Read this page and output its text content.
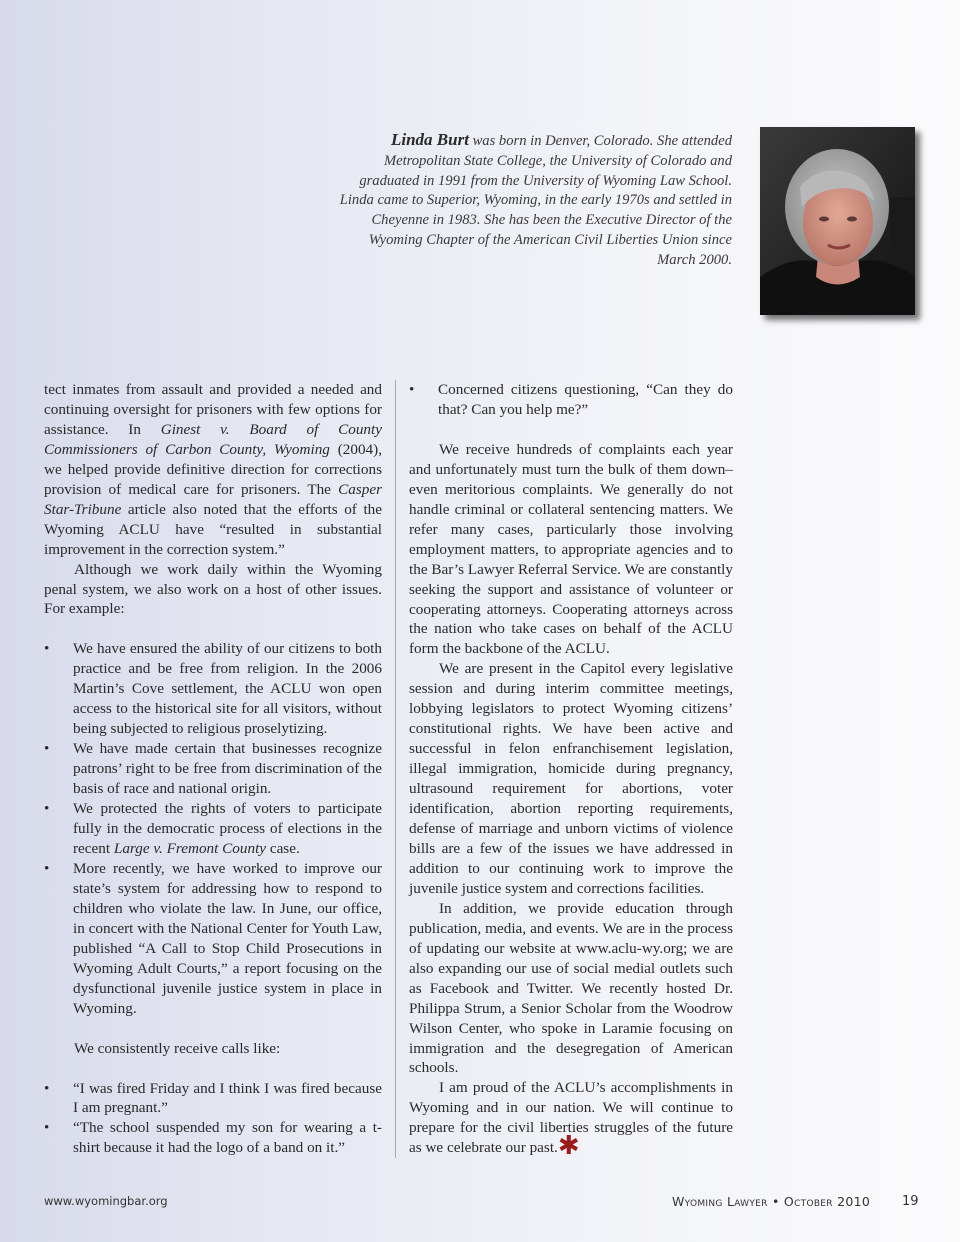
Linda Burt was born in Denver, Colorado. She attended Metropolitan State College, the University of Colorado and graduated in 1991 from the University of Wyoming Law School. Linda came to Superior, Wyoming, in the early 1970s and settled in Cheyenne in 1983. She has been the Executive Director of the Wyoming Chapter of the American Civil Liberties Union since March 2000.

tect inmates from assault and provided a needed and continuing oversight for prisoners with few options for assistance. In Ginest v. Board of County Commissioners of Carbon County, Wyoming (2004), we helped provide definitive direction for corrections provision of medical care for prisoners. The Casper Star-Tribune article also noted that the efforts of the Wyoming ACLU have “resulted in substantial improvement in the correction system.”

Although we work daily within the Wyoming penal system, we also work on a host of other issues. For example:

• We have ensured the ability of our citizens to both practice and be free from religion. In the 2006 Martin’s Cove settlement, the ACLU won open access to the historical site for all visitors, without being subjected to religious proselytizing.
• We have made certain that businesses recognize patrons’ right to be free from discrimination of the basis of race and national origin.
• We protected the rights of voters to participate fully in the democratic process of elections in the recent Large v. Fremont County case.
• More recently, we have worked to improve our state’s system for addressing how to respond to children who violate the law. In June, our office, in concert with the National Center for Youth Law, published “A Call to Stop Child Prosecutions in Wyoming Adult Courts,” a report focusing on the dysfunctional juvenile justice system in place in Wyoming.

We consistently receive calls like:

• “I was fired Friday and I think I was fired because I am pregnant.”
• “The school suspended my son for wearing a t-shirt because it had the logo of a band on it.”
• Concerned citizens questioning, “Can they do that? Can you help me?”

We receive hundreds of complaints each year and unfortunately must turn the bulk of them down–even meritorious complaints. We generally do not handle criminal or collateral sentencing matters. We refer many cases, particularly those involving employment matters, to appropriate agencies and to the Bar’s Lawyer Referral Service. We are constantly seeking the support and assistance of volunteer or cooperating attorneys. Cooperating attorneys across the nation who take cases on behalf of the ACLU form the backbone of the ACLU.

We are present in the Capitol every legislative session and during interim committee meetings, lobbying legislators to protect Wyoming citizens’ constitutional rights. We have been active and successful in felon enfranchisement legislation, illegal immigration, homicide during pregnancy, ultrasound requirement for abortions, voter identification, abortion reporting requirements, defense of marriage and unborn victims of violence bills are a few of the issues we have addressed in addition to our continuing work to improve the juvenile justice system and corrections facilities.

In addition, we provide education through publication, media, and events. We are in the process of updating our website at www.aclu-wy.org; we are also expanding our use of social medial outlets such as Facebook and Twitter. We recently hosted Dr. Philippa Strum, a Senior Scholar from the Woodrow Wilson Center, who spoke in Laramie focusing on immigration and the desegregation of American schools.

I am proud of the ACLU’s accomplishments in Wyoming and in our nation. We will continue to prepare for the civil liberties struggles of the future as we celebrate our past.✱

www.wyomingbar.org	Wyoming Lawyer • October 2010 19
